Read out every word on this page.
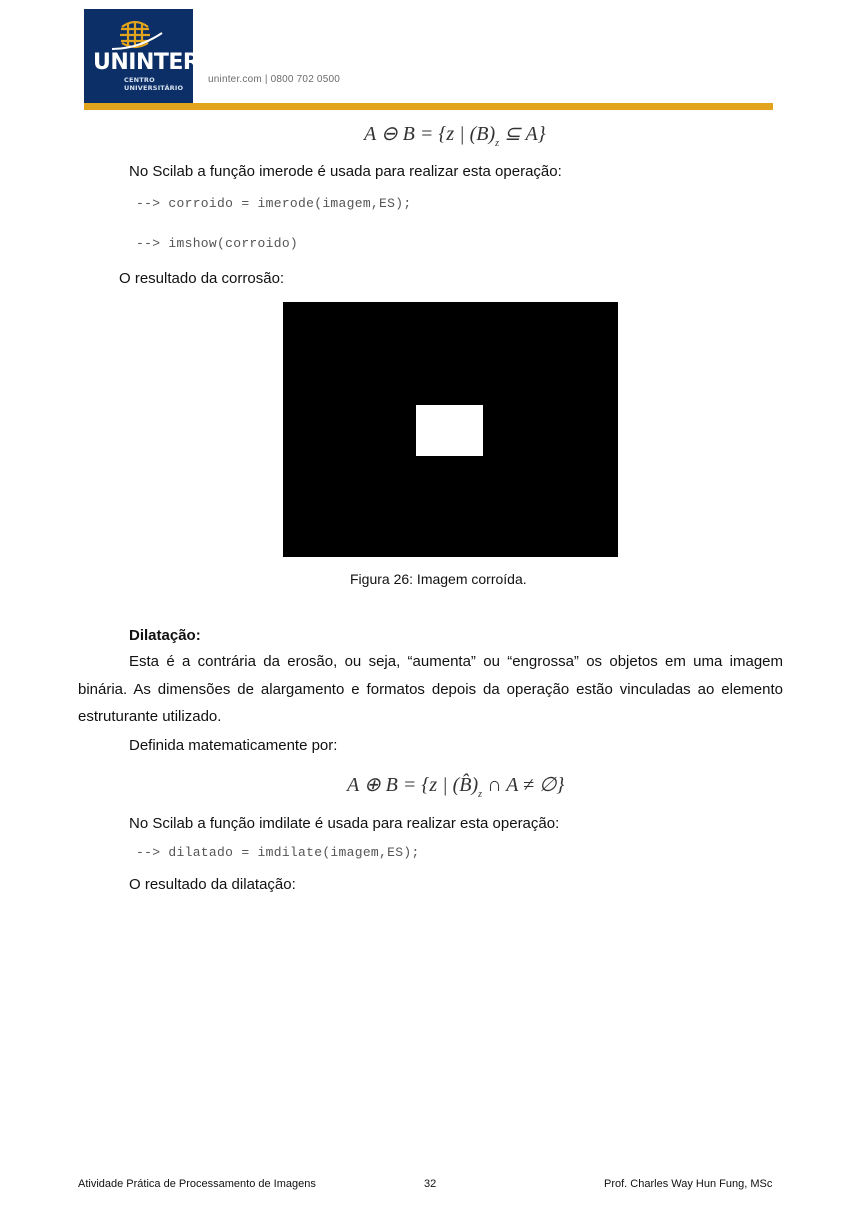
UNINTER
CENTRO
UNIVERSITÁRIO
uninter.com | 0800 702 0500
A ⊖ B = {z | $(B)_z$ ⊆ A}
No Scilab a função imerode é usada para realizar esta operação:
--> corroido = imerode(imagem,ES);
--> imshow(corroido)
O resultado da corrosão:
Figura 26: Imagem corroída.
Dilatação:
Esta é a contrária da erosão, ou seja, “aumenta” ou “engrossa” os objetos em uma imagem binária. As dimensões de alargamento e formatos depois da operação estão vinculadas ao elemento estruturante utilizado.
Definida matematicamente por:
A ⊕ B = {z | $(B̂)_z$ ∩ A ≠ ∅}
No Scilab a função imdilate é usada para realizar esta operação:
--> dilatado = imdilate(imagem,ES);
O resultado da dilatação:
Atividade Prática de Processamento de Imagens	32	Prof. Charles Way Hun Fung, MSc
